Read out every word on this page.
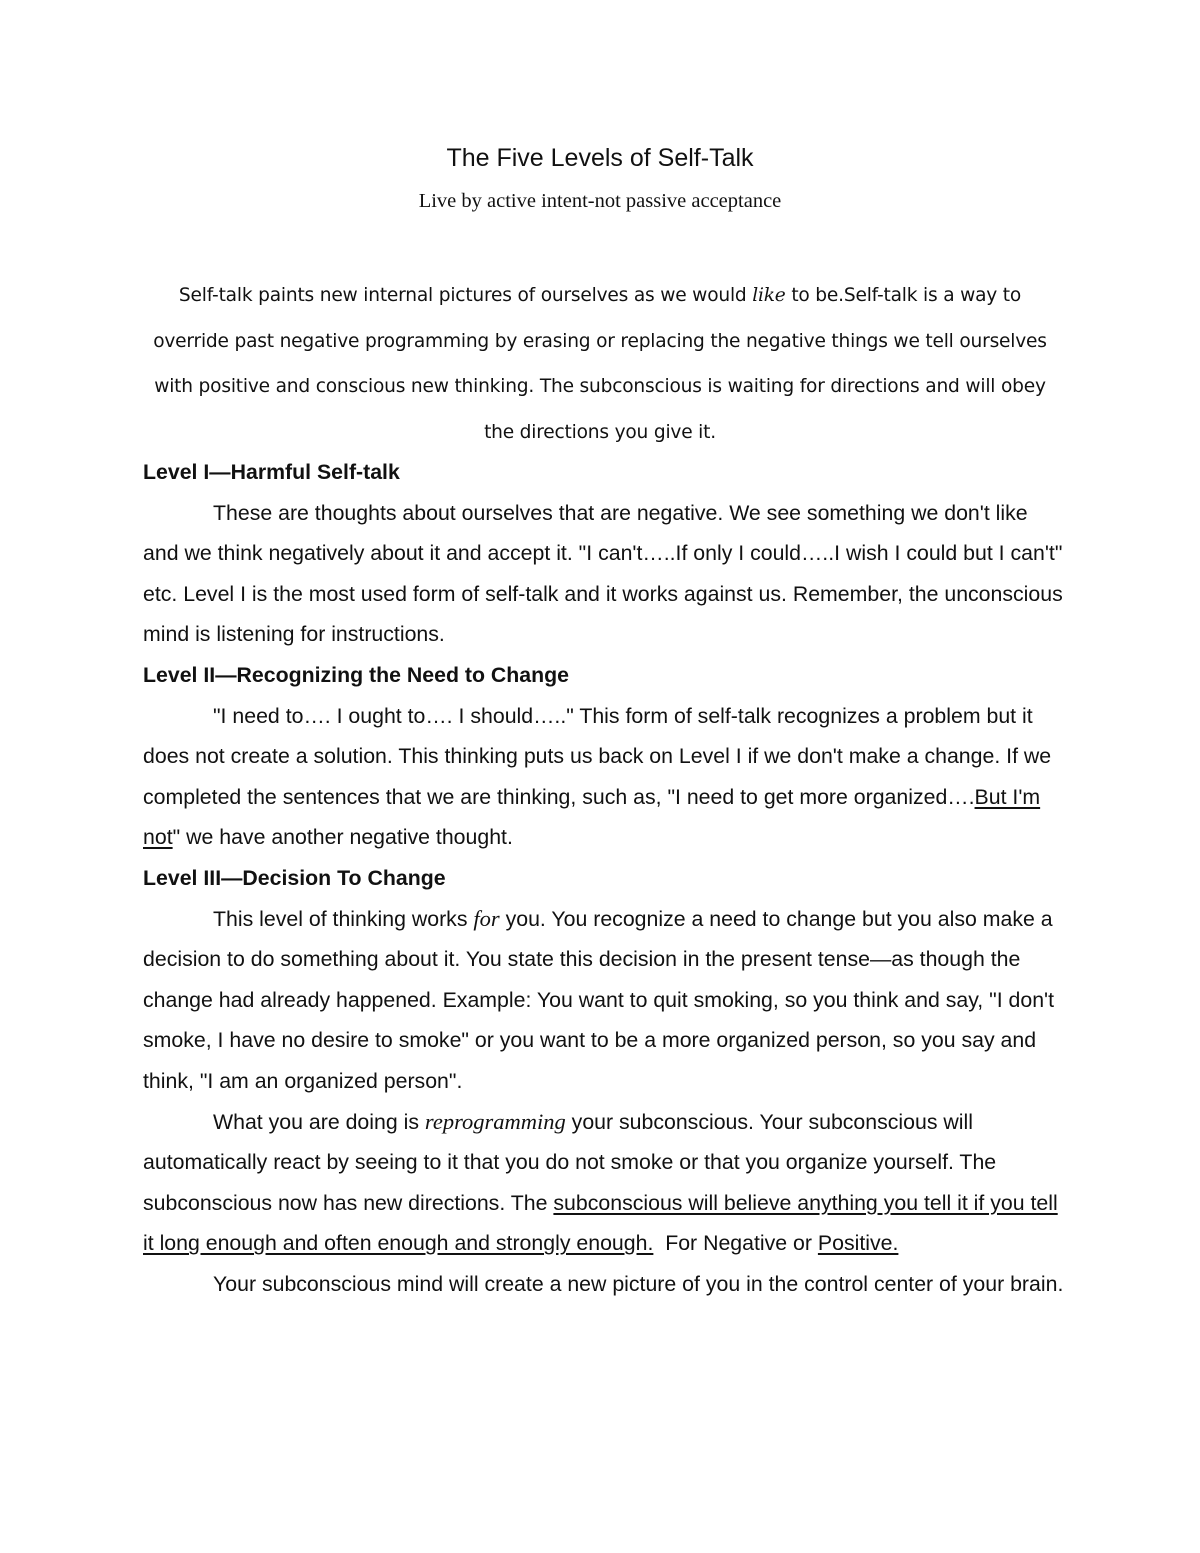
The Five Levels of Self-Talk

Live by active intent-not passive acceptance

Self-talk paints new internal pictures of ourselves as we would like to be.Self-talk is a way to override past negative programming by erasing or replacing the negative things we tell ourselves with positive and conscious new thinking. The subconscious is waiting for directions and will obey the directions you give it.

Level I—Harmful Self-talk

These are thoughts about ourselves that are negative. We see something we don't like and we think negatively about it and accept it. "I can't…..If only I could…..I wish I could but I can't" etc. Level I is the most used form of self-talk and it works against us. Remember, the unconscious mind is listening for instructions.

Level II—Recognizing the Need to Change

"I need to…. I ought to…. I should….." This form of self-talk recognizes a problem but it does not create a solution. This thinking puts us back on Level I if we don't make a change. If we completed the sentences that we are thinking, such as, "I need to get more organized….But I'm not" we have another negative thought.

Level III—Decision To Change

This level of thinking works for you. You recognize a need to change but you also make a decision to do something about it. You state this decision in the present tense—as though the change had already happened. Example: You want to quit smoking, so you think and say, "I don't smoke, I have no desire to smoke" or you want to be a more organized person, so you say and think, "I am an organized person".

What you are doing is reprogramming your subconscious. Your subconscious will automatically react by seeing to it that you do not smoke or that you organize yourself. The subconscious now has new directions. The subconscious will believe anything you tell it if you tell it long enough and often enough and strongly enough.  For Negative or Positive.

Your subconscious mind will create a new picture of you in the control center of your brain.
